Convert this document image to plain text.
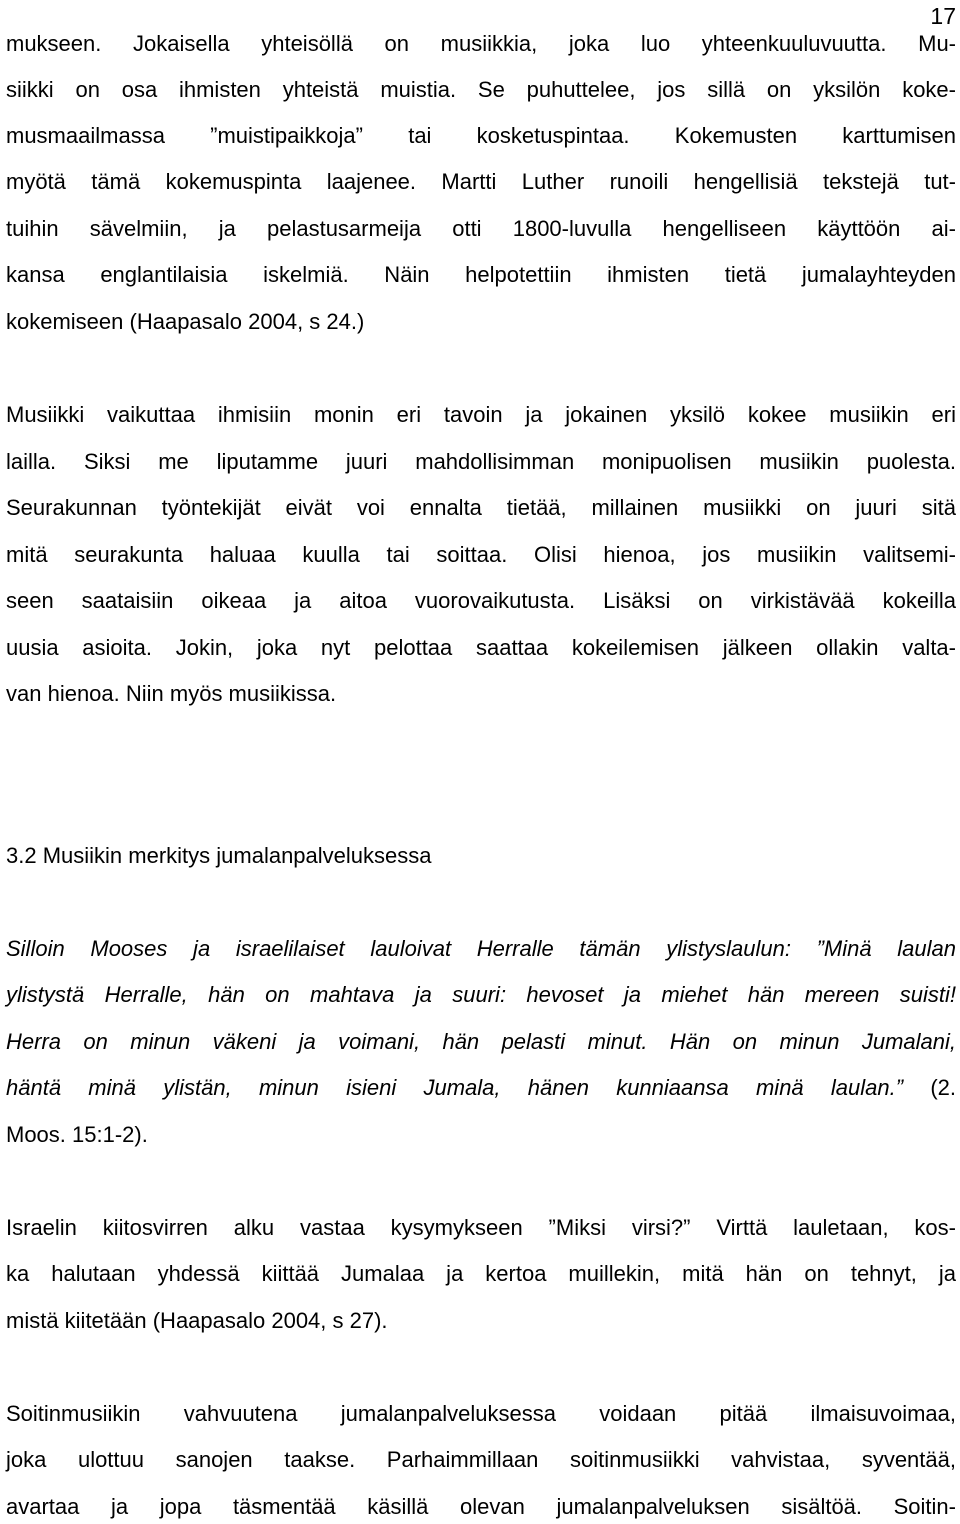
17
mukseen. Jokaisella yhteisöllä on musiikkia, joka luo yhteenkuuluvuutta. Mu-
siikki on osa ihmisten yhteistä muistia. Se puhuttelee, jos sillä on yksilön koke-
musmaailmassa ”muistipaikkoja” tai kosketuspintaa. Kokemusten karttumisen
myötä tämä kokemuspinta laajenee. Martti Luther runoili hengellisiä tekstejä tut-
tuihin sävelmiin, ja pelastusarmeija otti 1800-luvulla hengelliseen käyttöön ai-
kansa englantilaisia iskelmiä. Näin helpotettiin ihmisten tietä jumalayhteyden
kokemiseen (Haapasalo 2004, s 24.)
Musiikki vaikuttaa ihmisiin monin eri tavoin ja jokainen yksilö kokee musiikin eri
lailla. Siksi me liputamme juuri mahdollisimman monipuolisen musiikin puolesta.
Seurakunnan työntekijät eivät voi ennalta tietää, millainen musiikki on juuri sitä
mitä seurakunta haluaa kuulla tai soittaa. Olisi hienoa, jos musiikin valitsemi-
seen saataisiin oikeaa ja aitoa vuorovaikutusta. Lisäksi on virkistävää kokeilla
uusia asioita. Jokin, joka nyt pelottaa saattaa kokeilemisen jälkeen ollakin valta-
van hienoa. Niin myös musiikissa.
3.2 Musiikin merkitys jumalanpalveluksessa
Silloin Mooses ja israelilaiset lauloivat Herralle tämän ylistyslaulun: ”Minä laulan
ylistystä Herralle, hän on mahtava ja suuri: hevoset ja miehet hän mereen suisti!
Herra on minun väkeni ja voimani, hän pelasti minut. Hän on minun Jumalani,
häntä minä ylistän, minun isieni Jumala, hänen kunniaansa minä laulan.” (2.
Moos. 15:1-2).
Israelin kiitosvirren alku vastaa kysymykseen ”Miksi virsi?” Virttä lauletaan, kos-
ka halutaan yhdessä kiittää Jumalaa ja kertoa muillekin, mitä hän on tehnyt, ja
mistä kiitetään (Haapasalo 2004, s 27).
Soitinmusiikin vahvuutena jumalanpalveluksessa voidaan pitää ilmaisuvoimaa,
joka ulottuu sanojen taakse. Parhaimmillaan soitinmusiikki vahvistaa, syventää,
avartaa ja jopa täsmentää käsillä olevan jumalanpalveluksen sisältöä. Soitin-
